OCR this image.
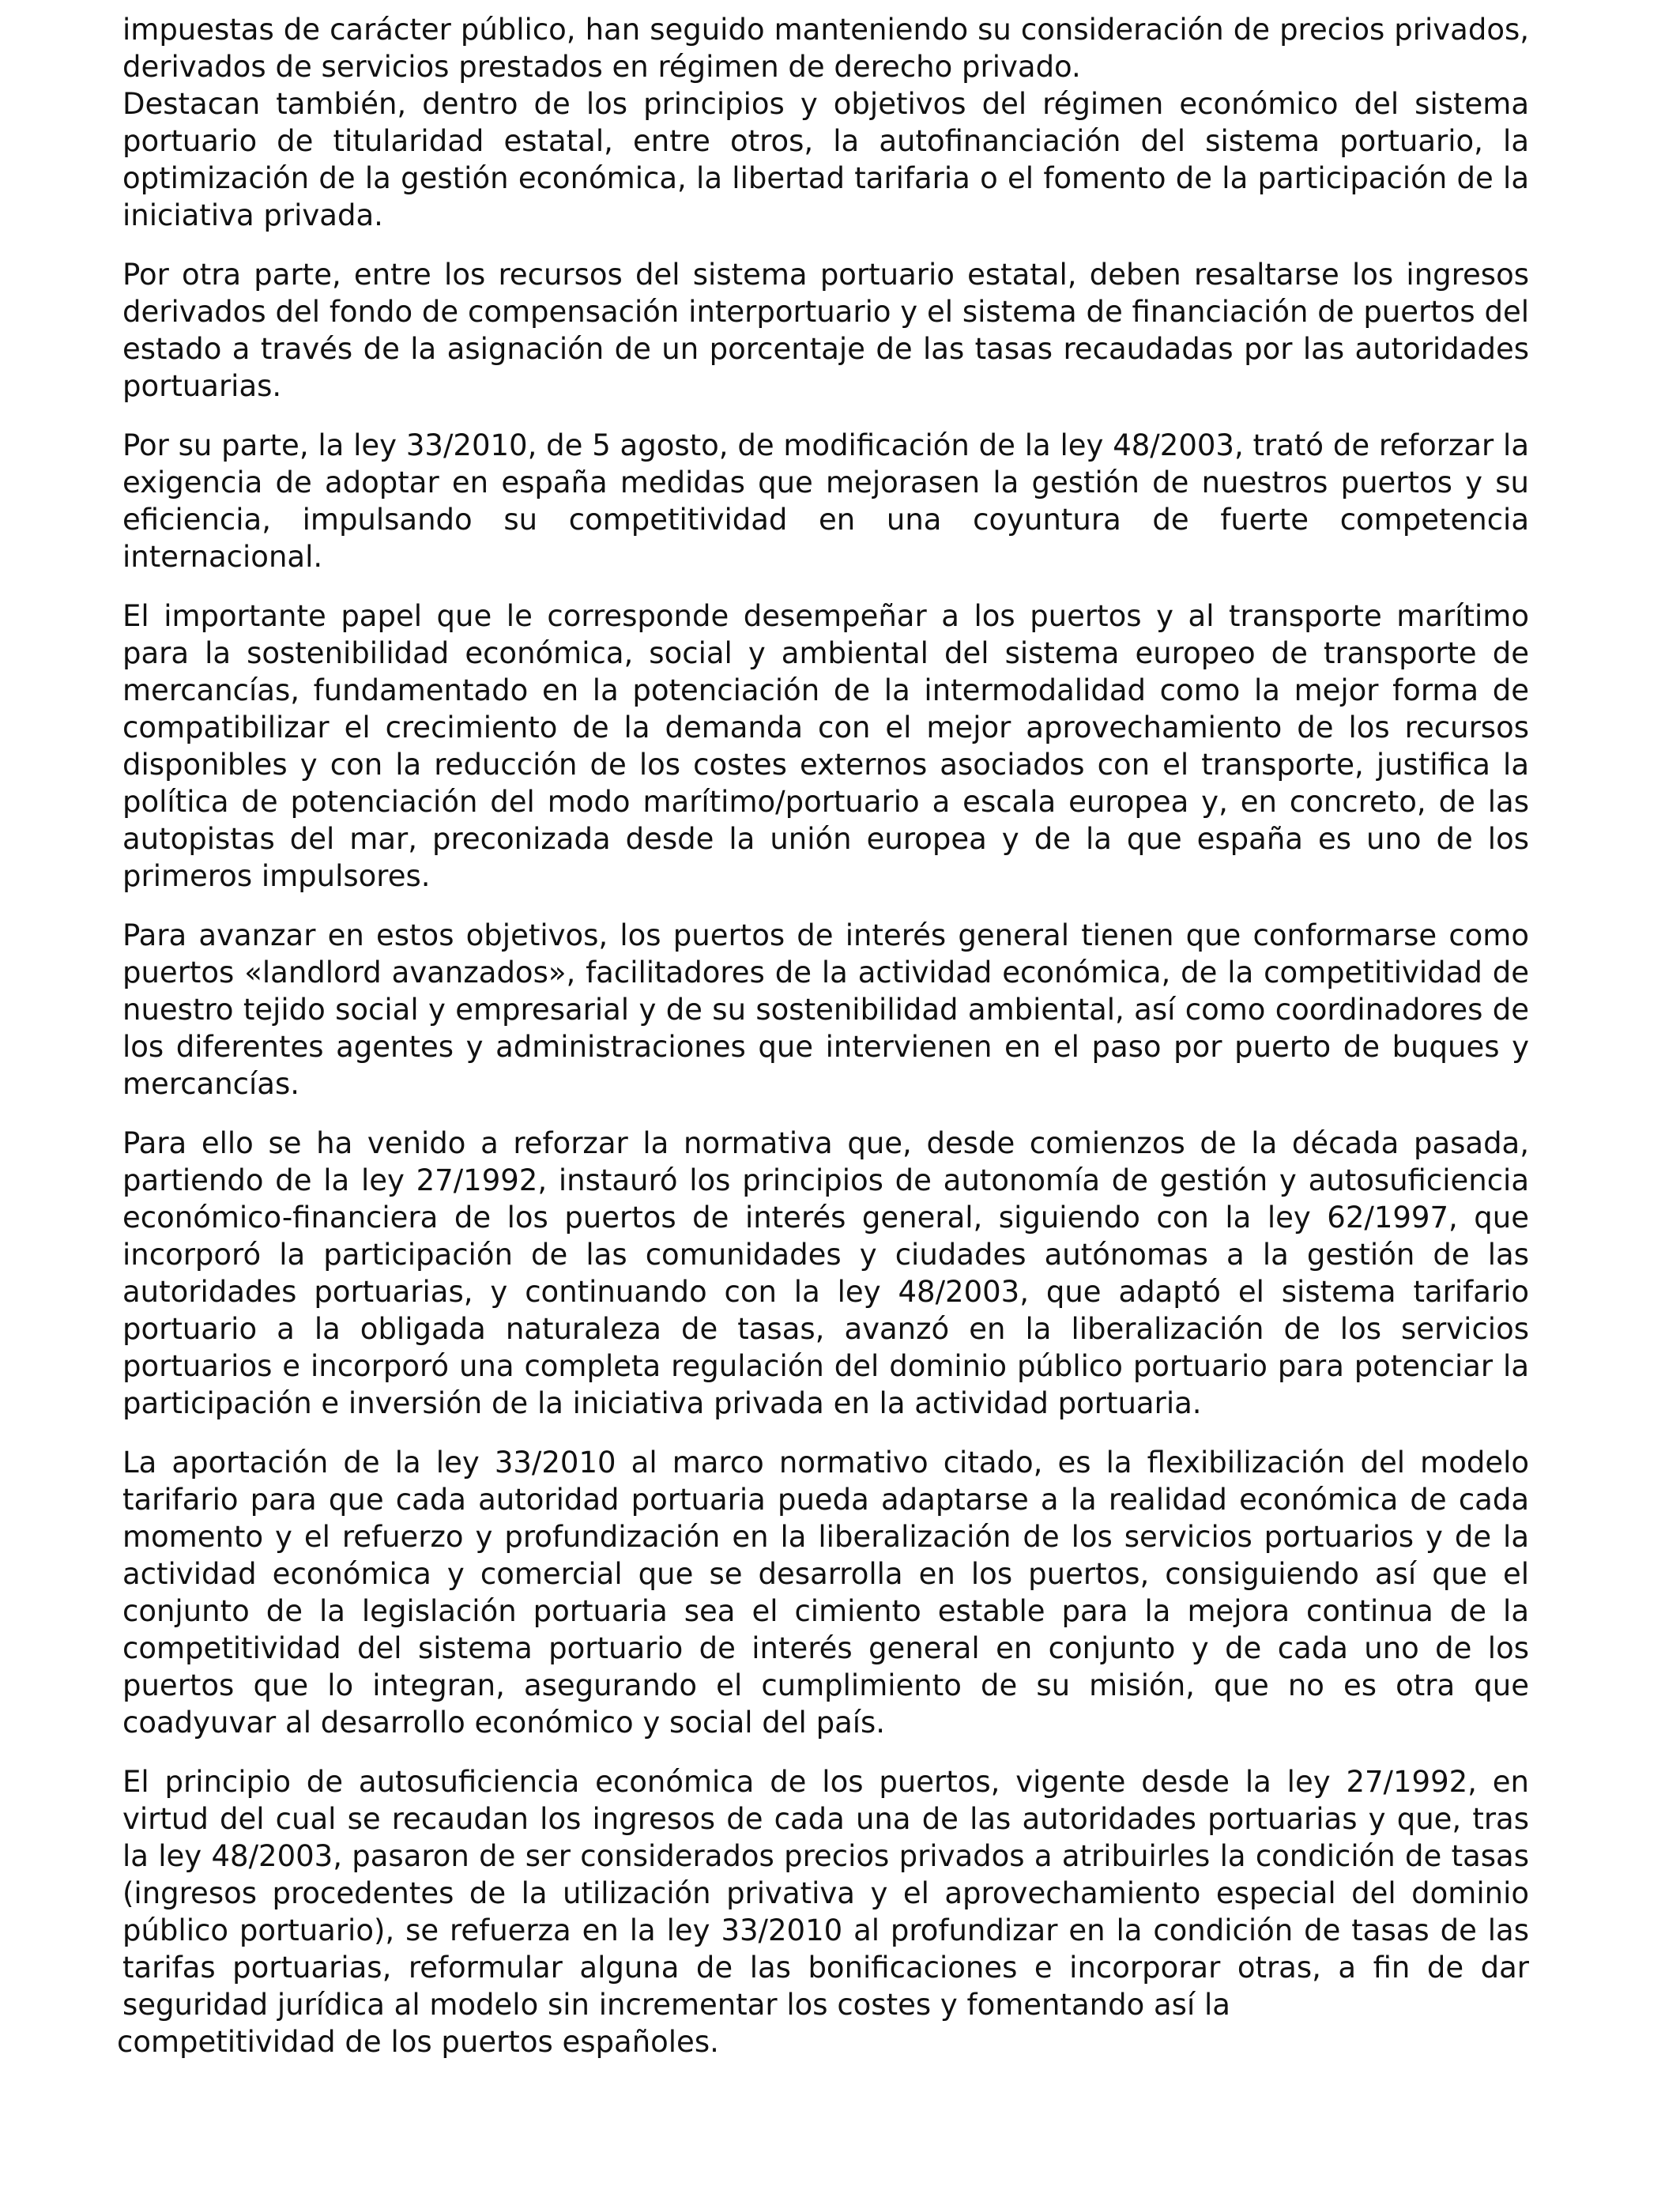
impuestas de carácter público, han seguido manteniendo su consideración de precios privados, derivados de servicios prestados en régimen de derecho privado.

Destacan también, dentro de los principios y objetivos del régimen económico del sistema portuario de titularidad estatal, entre otros, la autofinanciación del sistema portuario, la optimización de la gestión económica, la libertad tarifaria o el fomento de la participación de la iniciativa privada.

Por otra parte, entre los recursos del sistema portuario estatal, deben resaltarse los ingresos derivados del fondo de compensación interportuario y el sistema de financiación de puertos del estado a través de la asignación de un porcentaje de las tasas recaudadas por las autoridades portuarias.

Por su parte, la ley 33/2010, de 5 agosto, de modificación de la ley 48/2003, trató de reforzar la exigencia de adoptar en españa medidas que mejorasen la gestión de nuestros puertos y su eficiencia, impulsando su competitividad en una coyuntura de fuerte competencia internacional.

El importante papel que le corresponde desempeñar a los puertos y al transporte marítimo para la sostenibilidad económica, social y ambiental del sistema europeo de transporte de mercancías, fundamentado en la potenciación de la intermodalidad como la mejor forma de compatibilizar el crecimiento de la demanda con el mejor aprovechamiento de los recursos disponibles y con la reducción de los costes externos asociados con el transporte, justifica la política de potenciación del modo marítimo/portuario a escala europea y, en concreto, de las autopistas del mar, preconizada desde la unión europea y de la que españa es uno de los primeros impulsores.

Para avanzar en estos objetivos, los puertos de interés general tienen que conformarse como puertos «landlord avanzados», facilitadores de la actividad económica, de la competitividad de nuestro tejido social y empresarial y de su sostenibilidad ambiental, así como coordinadores de los diferentes agentes y administraciones que intervienen en el paso por puerto de buques y mercancías.

Para ello se ha venido a reforzar la normativa que, desde comienzos de la década pasada, partiendo de la ley 27/1992, instauró los principios de autonomía de gestión y autosuficiencia económico-financiera de los puertos de interés general, siguiendo con la ley 62/1997, que incorporó la participación de las comunidades y ciudades autónomas a la gestión de las autoridades portuarias, y continuando con la ley 48/2003, que adaptó el sistema tarifario portuario a la obligada naturaleza de tasas, avanzó en la liberalización de los servicios portuarios e incorporó una completa regulación del dominio público portuario para potenciar la participación e inversión de la iniciativa privada en la actividad portuaria.

La aportación de la ley 33/2010 al marco normativo citado, es la flexibilización del modelo tarifario para que cada autoridad portuaria pueda adaptarse a la realidad económica de cada momento y el refuerzo y profundización en la liberalización de los servicios portuarios y de la actividad económica y comercial que se desarrolla en los puertos, consiguiendo así que el conjunto de la legislación portuaria sea el cimiento estable para la mejora continua de la competitividad del sistema portuario de interés general en conjunto y de cada uno de los puertos que lo integran, asegurando el cumplimiento de su misión, que no es otra que coadyuvar al desarrollo económico y social del país.

El principio de autosuficiencia económica de los puertos, vigente desde la ley 27/1992, en virtud del cual se recaudan los ingresos de cada una de las autoridades portuarias y que, tras la ley 48/2003, pasaron de ser considerados precios privados a atribuirles la condición de tasas (ingresos procedentes de la utilización privativa y el aprovechamiento especial del dominio público portuario), se refuerza en la ley 33/2010 al profundizar en la condición de tasas de las tarifas portuarias, reformular alguna de las bonificaciones e incorporar otras, a fin de dar seguridad jurídica al modelo sin incrementar los costes y fomentando así la

competitividad de los puertos españoles.
